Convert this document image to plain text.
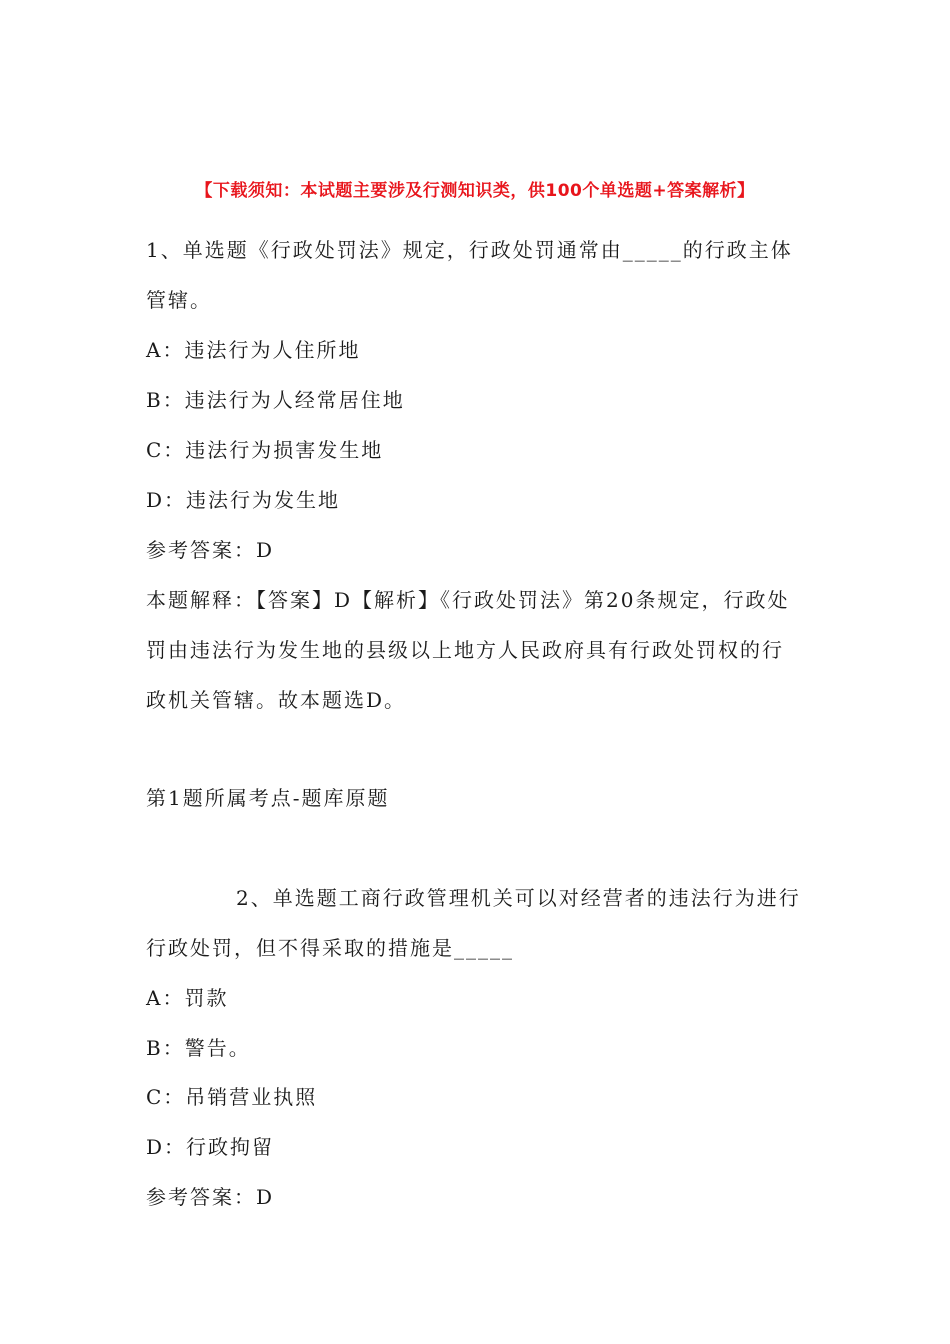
【下载须知：本试题主要涉及行测知识类，供100个单选题+答案解析】
1、单选题《行政处罚法》规定，行政处罚通常由_____的行政主体
管辖。
A：违法行为人住所地
B：违法行为人经常居住地
C：违法行为损害发生地
D：违法行为发生地
参考答案：D
本题解释：【答案】D【解析】《行政处罚法》第20条规定，行政处
罚由违法行为发生地的县级以上地方人民政府具有行政处罚权的行
政机关管辖。故本题选D。
第1题所属考点-题库原题
2、单选题工商行政管理机关可以对经营者的违法行为进行
行政处罚，但不得采取的措施是_____
A：罚款
B：警告。
C：吊销营业执照
D：行政拘留
参考答案：D
